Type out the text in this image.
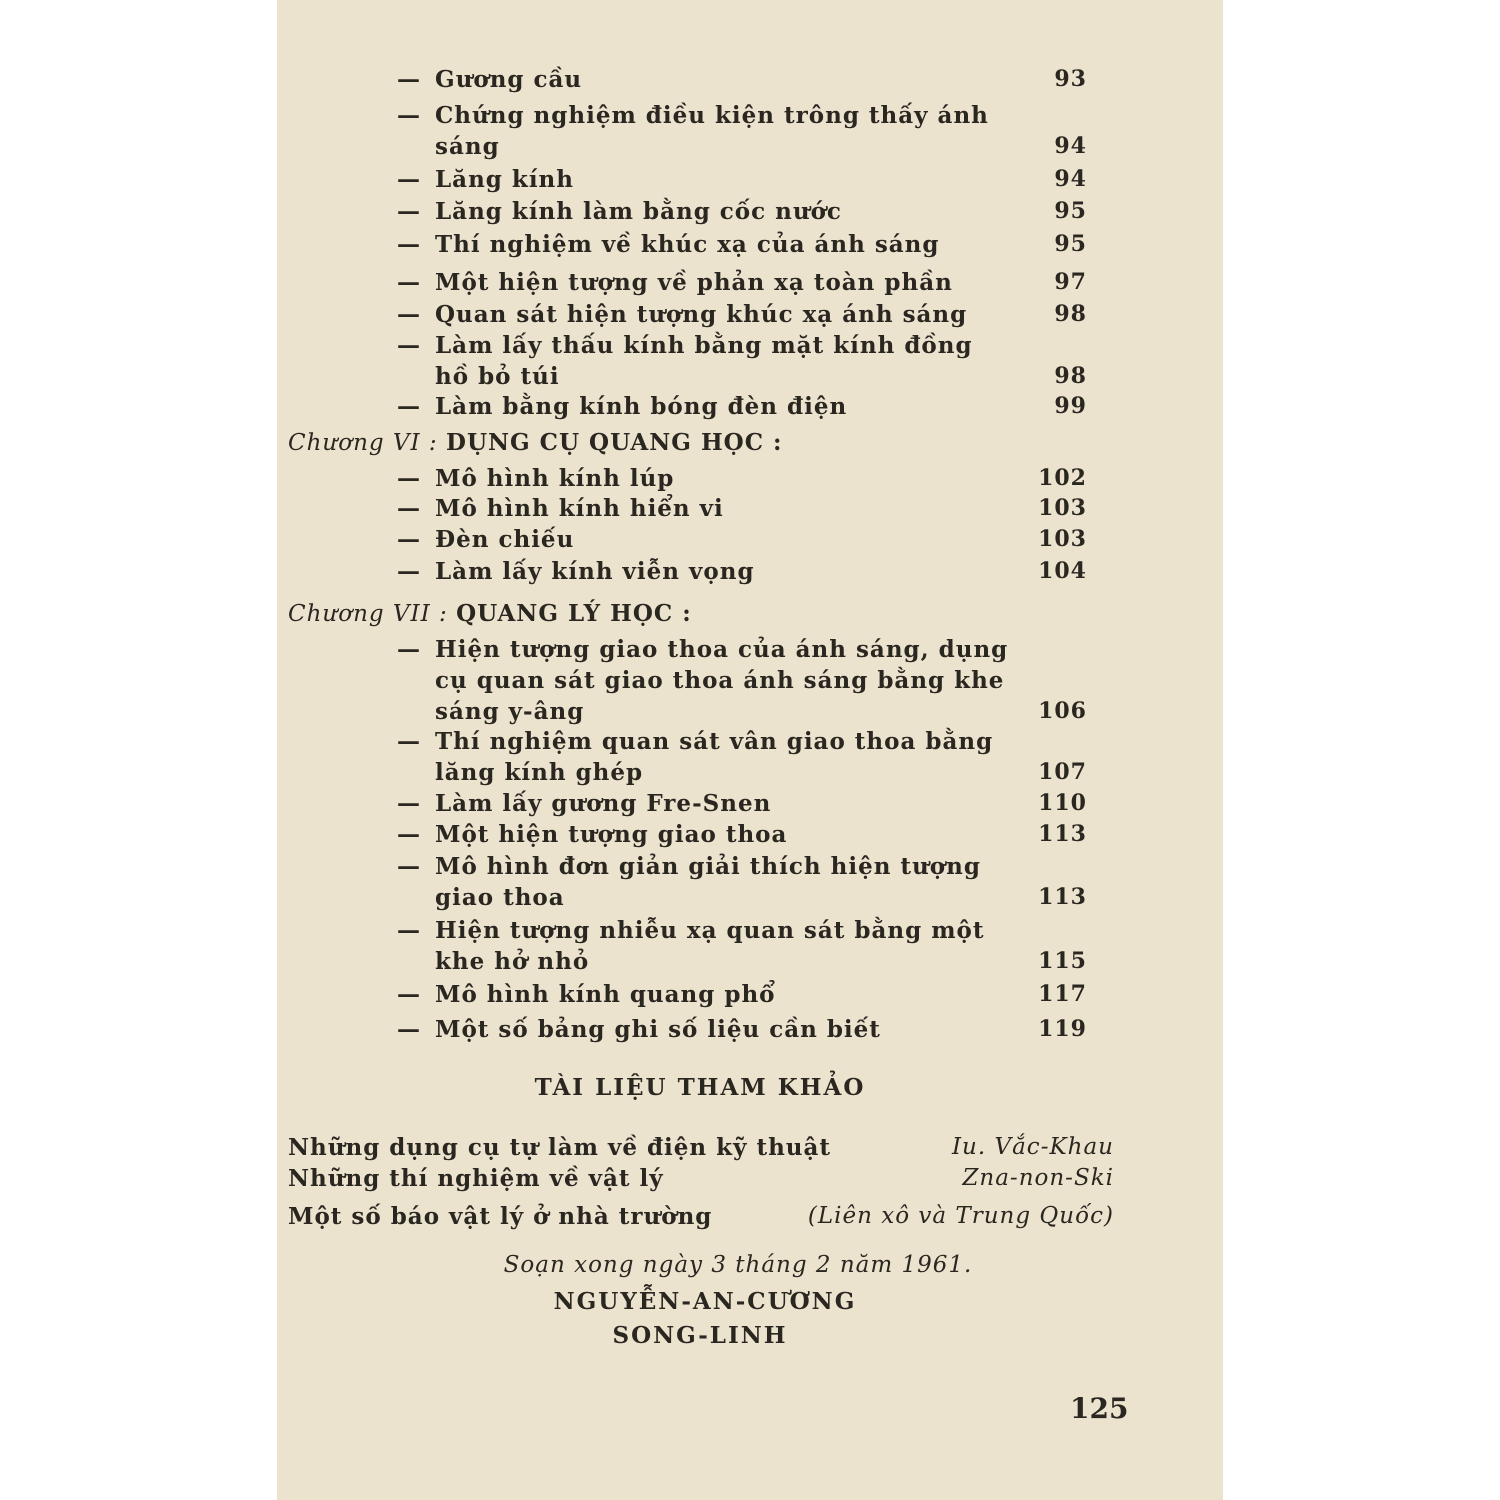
— Gương cầu	93
— Chứng nghiệm điều kiện trông thấy ánh sáng	94
— Lăng kính	94
— Lăng kính làm bằng cốc nước	95
— Thí nghiệm về khúc xạ của ánh sáng	95
— Một hiện tượng về phản xạ toàn phần	97
— Quan sát hiện tượng khúc xạ ánh sáng	98
— Làm lấy thấu kính bằng mặt kính đồng hồ bỏ túi	98
— Làm bằng kính bóng đèn điện	99
Chương VI : DỤNG CỤ QUANG HỌC :
— Mô hình kính lúp	102
— Mô hình kính hiển vi	103
— Đèn chiếu	103
— Làm lấy kính viễn vọng	104
Chương VII : QUANG LÝ HỌC :
— Hiện tượng giao thoa của ánh sáng, dụng cụ quan sát giao thoa ánh sáng bằng khe sáng y-âng	106
— Thí nghiệm quan sát vân giao thoa bằng lăng kính ghép	107
— Làm lấy gương Fre-Snen	110
— Một hiện tượng giao thoa	113
— Mô hình đơn giản giải thích hiện tượng giao thoa	113
— Hiện tượng nhiễu xạ quan sát bằng một khe hở nhỏ	115
— Mô hình kính quang phổ	117
— Một số bảng ghi số liệu cần biết	119
TÀI LIỆU THAM KHẢO
Những dụng cụ tự làm về điện kỹ thuật	Iu. Vắc-Khau
Những thí nghiệm về vật lý	Zna-non-Ski
Một số báo vật lý ở nhà trường	(Liên xô và Trung Quốc)
Soạn xong ngày 3 tháng 2 năm 1961.
NGUYỄN-AN-CƯƠNG
SONG-LINH
125
